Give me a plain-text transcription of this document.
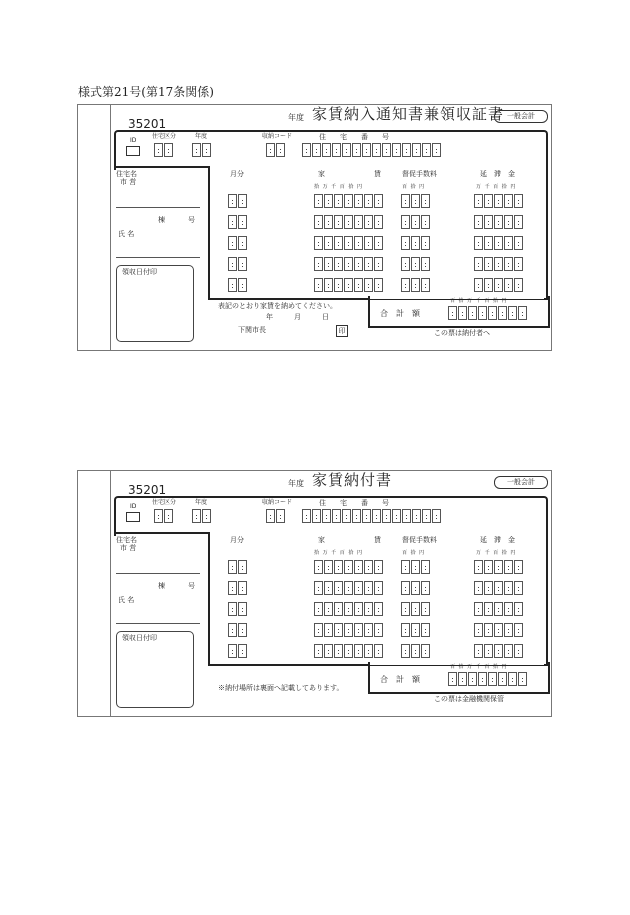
様式第21号(第17条関係)
35201	年度 家賃納入通知書兼領収証書 一般会計
ID
住宅区分	年度	収納コード	住　　宅　　番　　号
住宅名
市 営
棟	号
氏 名
領収日付印
月分	家　　　　　　　賃	督促手数料	延　滞　金
拾 万 千 百 拾 円	百 拾 円	万 千 百 拾 円
表記のとおり家賃を納めてください。
年　　　月　　　日
下関市長	印
合　計　額
百 拾 万 千 百 拾 円
この票は納付者へ
35201	年度 家賃納付書	一般会計
ID
住宅区分	年度	収納コード	住　　宅　　番　　号
住宅名
市 営
棟	号
氏 名
領収日付印
月分	家　　　　　　　賃	督促手数料	延　滞　金
拾 万 千 百 拾 円	百 拾 円	万 千 百 拾 円
※納付場所は裏面へ記載してあります。
合　計　額
百 拾 万 千 百 拾 円
この票は金融機関保管
